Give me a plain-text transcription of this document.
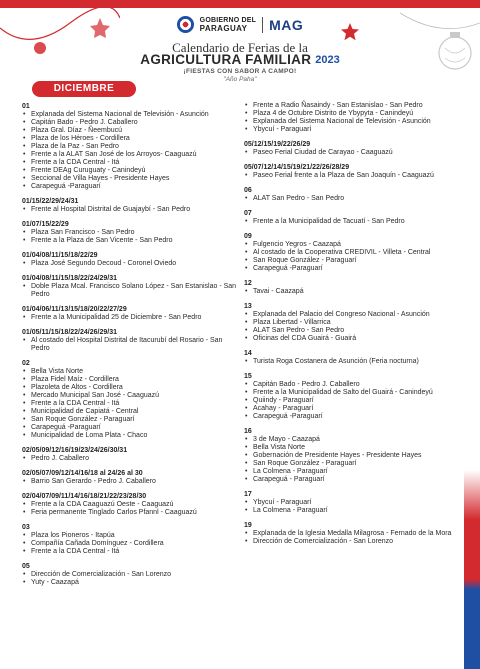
GOBIERNO DEL
PARAGUAY	MAG
Calendario de Ferias de la
AGRICULTURA FAMILIAR 2023
¡FIESTAS CON SABOR A CAMPO!
"Año Paha"
DICIEMBRE
01
• Explanada del Sistema Nacional de Televisión - Asunción
• Capitán Bado - Pedro J. Caballero
• Plaza Gral. Díaz - Ñeembucú
• Plaza de los Héroes - Cordillera
• Plaza de la Paz - San Pedro
• Frente a la ALAT San José de los Arroyos- Caaguazú
• Frente a la CDA Central - Itá
• Frente DEAg Curuguaty - Canindeyú
• Seccional de Villa Hayes - Presidente Hayes
• Carapeguá -Paraguarí
01/15/22/29/24/31
• Frente al Hospital Distrital de Guajaybí - San Pedro
01/07/15/22/29
• Plaza San Francisco - San Pedro
• Frente a la Plaza de San Vicente - San Pedro
01/04/08/11/15/18/22/29
• Plaza José Segundo Decoud - Coronel Oviedo
01/04/08/11/15/18/22/24/29/31
• Doble Plaza Mcal. Francisco Solano López - San Estanislao - San Pedro
01/04/06/11/13/15/18/20/22/27/29
• Frente a la Municipalidad 25 de Diciembre - San Pedro
01/05/11/15/18/22/24/26/29/31
• Al costado del Hospital Distrital de Itacurubí del Rosario - San Pedro
02
• Bella Vista Norte
• Plaza Fidel Maíz - Cordillera
• Plazoleta de Altos - Cordillera
• Mercado Municipal San José - Caaguazú
• Frente a la CDA Central - Itá
• Municipalidad de Capiatá - Central
• San Roque González - Paraguarí
• Carapeguá -Paraguarí
• Municipalidad de Loma Plata - Chaco
02/05/09/12/16/19/23/24/26/30/31
• Pedro J. Caballero
02/05/07/09/12/14/16/18 al 24/26 al 30
• Barrio San Gerardo - Pedro J. Caballero
02/04/07/09/11/14/16/18/21/22/23/28/30
• Frente a la CDA Caaguazú Oeste - Caaguazú
• Feria permanente Tinglado Carlos Pfannl - Caaguazú
03
• Plaza los Pioneros - Itapúa
• Compañía Cañada Domínguez - Cordillera
• Frente a la CDA Central - Itá
05
• Dirección de Comercialización - San Lorenzo
• Yuty - Caazapá
• Frente a Radio Ñasaindy - San Estanislao - San Pedro
• Plaza 4 de Octubre Distrito de Ybypyta - Canindeyú
• Explanada del Sistema Nacional de Televisión - Asunción
• Ybycuí - Paraguarí
05/12/15/19/22/26/29
• Paseo Ferial Ciudad de Carayao - Caaguazú
05/07/12/14/15/19/21/22/26/28/29
• Paseo Ferial frente a la Plaza de San Joaquín - Caaguazú
06
• ALAT San Pedro - San Pedro
07
• Frente a la Municipalidad de Tacuatí - San Pedro
09
• Fulgencio Yegros - Caazapá
• Al costado de la Cooperativa CREDIVIL - Villeta - Central
• San Roque González - Paraguarí
• Carapeguá -Paraguarí
12
• Tavai - Caazapá
13
• Explanada del Palacio del Congreso Nacional - Asunción
• Plaza Libertad - Villarrica
• ALAT San Pedro - San Pedro
• Oficinas del CDA Guairá - Guairá
14
• Turista Roga Costanera de Asunción (Feria nocturna)
15
• Capitán Bado - Pedro J. Caballero
• Frente a la Municipalidad de Salto del Guairá - Canindeyú
• Quiindy - Paraguarí
• Acahay - Paraguarí
• Carapeguá -Paraguarí
16
• 3 de Mayo - Caazapá
• Bella Vista Norte
• Gobernación de Presidente Hayes - Presidente Hayes
• San Roque González - Paraguarí
• La Colmena - Paraguarí
• Carapeguá - Paraguarí
17
• Ybycuí - Paraguarí
• La Colmena - Paraguarí
19
• Explanada de la Iglesia Medalla Milagrosa - Fernado de la Mora
• Dirección de Comercialización - San Lorenzo
